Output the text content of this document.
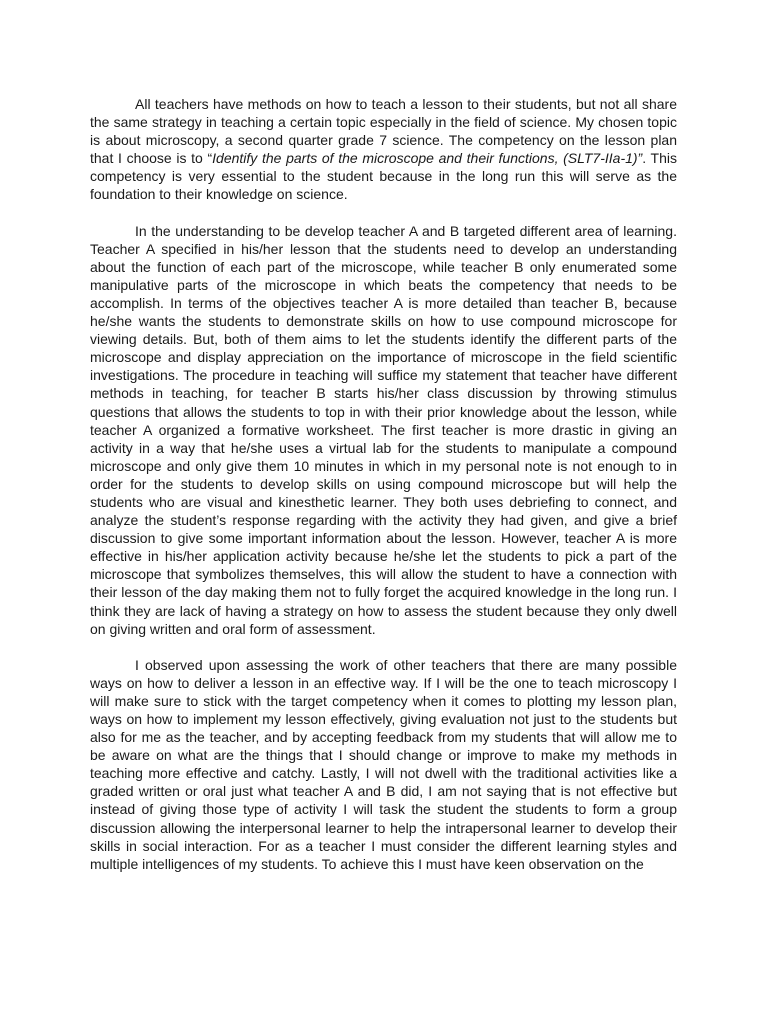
All teachers have methods on how to teach a lesson to their students, but not all share the same strategy in teaching a certain topic especially in the field of science. My chosen topic is about microscopy, a second quarter grade 7 science. The competency on the lesson plan that I choose is to “Identify the parts of the microscope and their functions, (SLT7-IIa-1)”. This competency is very essential to the student because in the long run this will serve as the foundation to their knowledge on science.

In the understanding to be develop teacher A and B targeted different area of learning. Teacher A specified in his/her lesson that the students need to develop an understanding about the function of each part of the microscope, while teacher B only enumerated some manipulative parts of the microscope in which beats the competency that needs to be accomplish. In terms of the objectives teacher A is more detailed than teacher B, because he/she wants the students to demonstrate skills on how to use compound microscope for viewing details. But, both of them aims to let the students identify the different parts of the microscope and display appreciation on the importance of microscope in the field scientific investigations. The procedure in teaching will suffice my statement that teacher have different methods in teaching, for teacher B starts his/her class discussion by throwing stimulus questions that allows the students to top in with their prior knowledge about the lesson, while teacher A organized a formative worksheet. The first teacher is more drastic in giving an activity in a way that he/she uses a virtual lab for the students to manipulate a compound microscope and only give them 10 minutes in which in my personal note is not enough to in order for the students to develop skills on using compound microscope but will help the students who are visual and kinesthetic learner. They both uses debriefing to connect, and analyze the student’s response regarding with the activity they had given, and give a brief discussion to give some important information about the lesson. However, teacher A is more effective in his/her application activity because he/she let the students to pick a part of the microscope that symbolizes themselves, this will allow the student to have a connection with their lesson of the day making them not to fully forget the acquired knowledge in the long run. I think they are lack of having a strategy on how to assess the student because they only dwell on giving written and oral form of assessment.

I observed upon assessing the work of other teachers that there are many possible ways on how to deliver a lesson in an effective way. If I will be the one to teach microscopy I will make sure to stick with the target competency when it comes to plotting my lesson plan, ways on how to implement my lesson effectively, giving evaluation not just to the students but also for me as the teacher, and by accepting feedback from my students that will allow me to be aware on what are the things that I should change or improve to make my methods in teaching more effective and catchy. Lastly, I will not dwell with the traditional activities like a graded written or oral just what teacher A and B did, I am not saying that is not effective but instead of giving those type of activity I will task the student the students to form a group discussion allowing the interpersonal learner to help the intrapersonal learner to develop their skills in social interaction. For as a teacher I must consider the different learning styles and multiple intelligences of my students. To achieve this I must have keen observation on the
